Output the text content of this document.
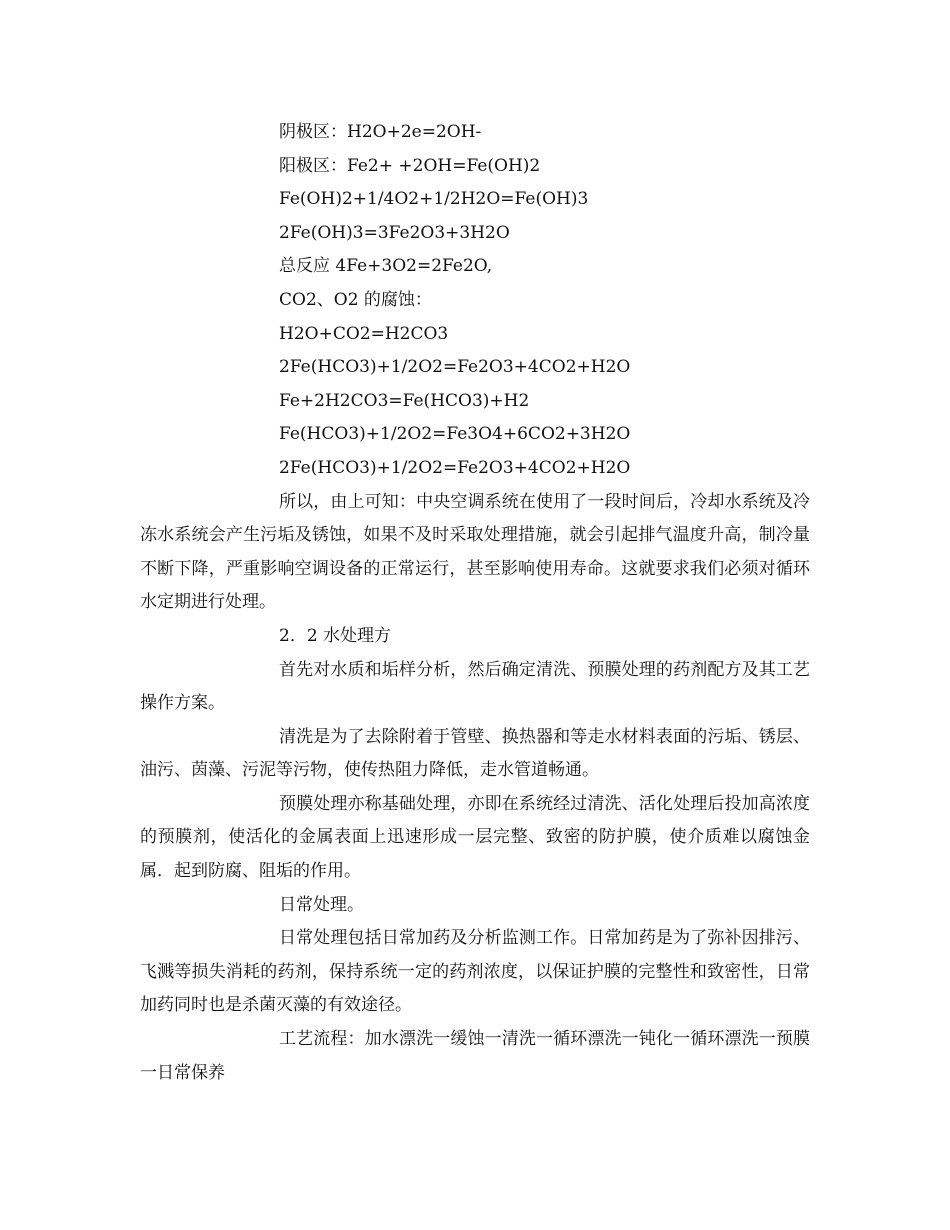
阴极区：H2O+2e=2OH-

阳极区：Fe2+ +2OH=Fe(OH)2

Fe(OH)2+1/4O2+1/2H2O=Fe(OH)3

2Fe(OH)3=3Fe2O3+3H2O

总反应 4Fe+3O2=2Fe2O,

CO2、O2 的腐蚀：

H2O+CO2=H2CO3

2Fe(HCO3)+1/2O2=Fe2O3+4CO2+H2O

Fe+2H2CO3=Fe(HCO3)+H2

Fe(HCO3)+1/2O2=Fe3O4+6CO2+3H2O

2Fe(HCO3)+1/2O2=Fe2O3+4CO2+H2O

所以，由上可知：中央空调系统在使用了一段时间后，冷却水系统及冷冻水系统会产生污垢及锈蚀，如果不及时采取处理措施，就会引起排气温度升高，制冷量不断下降，严重影响空调设备的正常运行，甚至影响使用寿命。这就要求我们必须对循环水定期进行处理。

2．2 水处理方

首先对水质和垢样分析，然后确定清洗、预膜处理的药剂配方及其工艺操作方案。

清洗是为了去除附着于管壁、换热器和等走水材料表面的污垢、锈层、油污、茵藻、污泥等污物，使传热阻力降低，走水管道畅通。

预膜处理亦称基础处理，亦即在系统经过清洗、活化处理后投加高浓度的预膜剂，使活化的金属表面上迅速形成一层完整、致密的防护膜，使介质难以腐蚀金属．起到防腐、阻垢的作用。

日常处理。

日常处理包括日常加药及分析监测工作。日常加药是为了弥补因排污、飞溅等损失消耗的药剂，保持系统一定的药剂浓度，以保证护膜的完整性和致密性，日常加药同时也是杀菌灭藻的有效途径。

工艺流程：加水漂洗一缓蚀一清洗一循环漂洗一钝化一循环漂洗一预膜一日常保养
